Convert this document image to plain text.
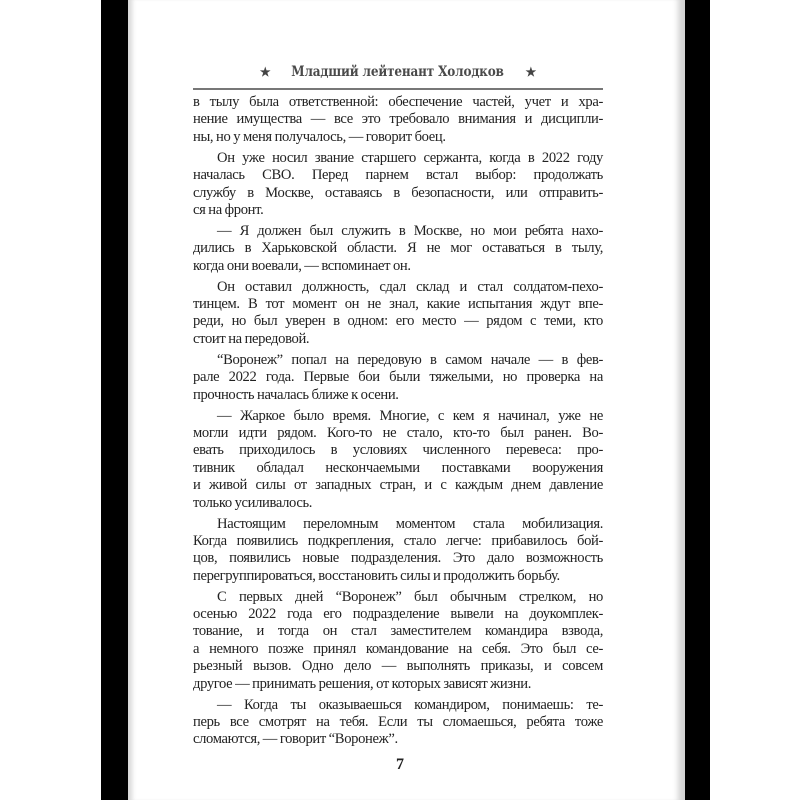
★ Младший лейтенант Холодков ★
в тылу была ответственной: обеспечение частей, учет и хра-
нение имущества — все это требовало внимания и дисципли-
ны, но у меня получалось, — говорит боец.
Он уже носил звание старшего сержанта, когда в 2022 году
началась СВО. Перед парнем встал выбор: продолжать
службу в Москве, оставаясь в безопасности, или отправить-
ся на фронт.
— Я должен был служить в Москве, но мои ребята нахо-
дились в Харьковской области. Я не мог оставаться в тылу,
когда они воевали, — вспоминает он.
Он оставил должность, сдал склад и стал солдатом-пехо-
тинцем. В тот момент он не знал, какие испытания ждут впе-
реди, но был уверен в одном: его место — рядом с теми, кто
стоит на передовой.
“Воронеж” попал на передовую в самом начале — в фев-
рале 2022 года. Первые бои были тяжелыми, но проверка на
прочность началась ближе к осени.
— Жаркое было время. Многие, с кем я начинал, уже не
могли идти рядом. Кого-то не стало, кто-то был ранен. Во-
евать приходилось в условиях численного перевеса: про-
тивник обладал нескончаемыми поставками вооружения
и живой силы от западных стран, и с каждым днем давление
только усиливалось.
Настоящим переломным моментом стала мобилизация.
Когда появились подкрепления, стало легче: прибавилось бой-
цов, появились новые подразделения. Это дало возможность
перегруппироваться, восстановить силы и продолжить борьбу.
С первых дней “Воронеж” был обычным стрелком, но
осенью 2022 года его подразделение вывели на доукомплек-
тование, и тогда он стал заместителем командира взвода,
а немного позже принял командование на себя. Это был се-
рьезный вызов. Одно дело — выполнять приказы, и совсем
другое — принимать решения, от которых зависят жизни.
— Когда ты оказываешься командиром, понимаешь: те-
перь все смотрят на тебя. Если ты сломаешься, ребята тоже
сломаются, — говорит “Воронеж”.
7
